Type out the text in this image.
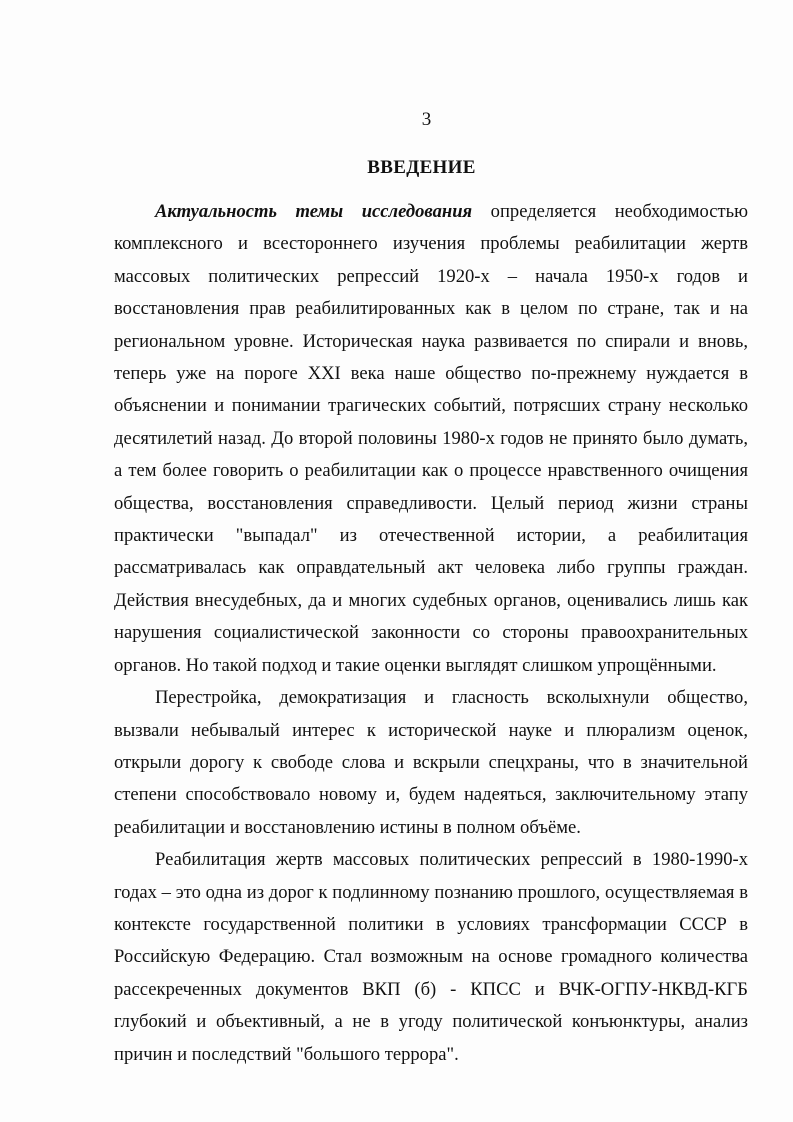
3
ВВЕДЕНИЕ

Актуальность темы исследования определяется необходимостью комплексного и всестороннего изучения проблемы реабилитации жертв массовых политических репрессий 1920-х – начала 1950-х годов и восстановления прав реабилитированных как в целом по стране, так и на региональном уровне. Историческая наука развивается по спирали и вновь, теперь уже на пороге XXI века наше общество по-прежнему нуждается в объяснении и понимании трагических событий, потрясших страну несколько десятилетий назад. До второй половины 1980-х годов не принято было думать, а тем более говорить о реабилитации как о процессе нравственного очищения общества, восстановления справедливости. Целый период жизни страны практически "выпадал" из отечественной истории, а реабилитация рассматривалась как оправдательный акт человека либо группы граждан. Действия внесудебных, да и многих судебных органов, оценивались лишь как нарушения социалистической законности со стороны правоохранительных органов. Но такой подход и такие оценки выглядят слишком упрощёнными.

Перестройка, демократизация и гласность всколыхнули общество, вызвали небывалый интерес к исторической науке и плюрализм оценок, открыли дорогу к свободе слова и вскрыли спецхраны, что в значительной степени способствовало новому и, будем надеяться, заключительному этапу реабилитации и восстановлению истины в полном объёме.

Реабилитация жертв массовых политических репрессий в 1980-1990-х годах – это одна из дорог к подлинному познанию прошлого, осуществляемая в контексте государственной политики в условиях трансформации СССР в Российскую Федерацию. Стал возможным на основе громадного количества рассекреченных документов ВКП (б) - КПСС и ВЧК-ОГПУ-НКВД-КГБ глубокий и объективный, а не в угоду политической конъюнктуры, анализ причин и последствий "большого террора".
